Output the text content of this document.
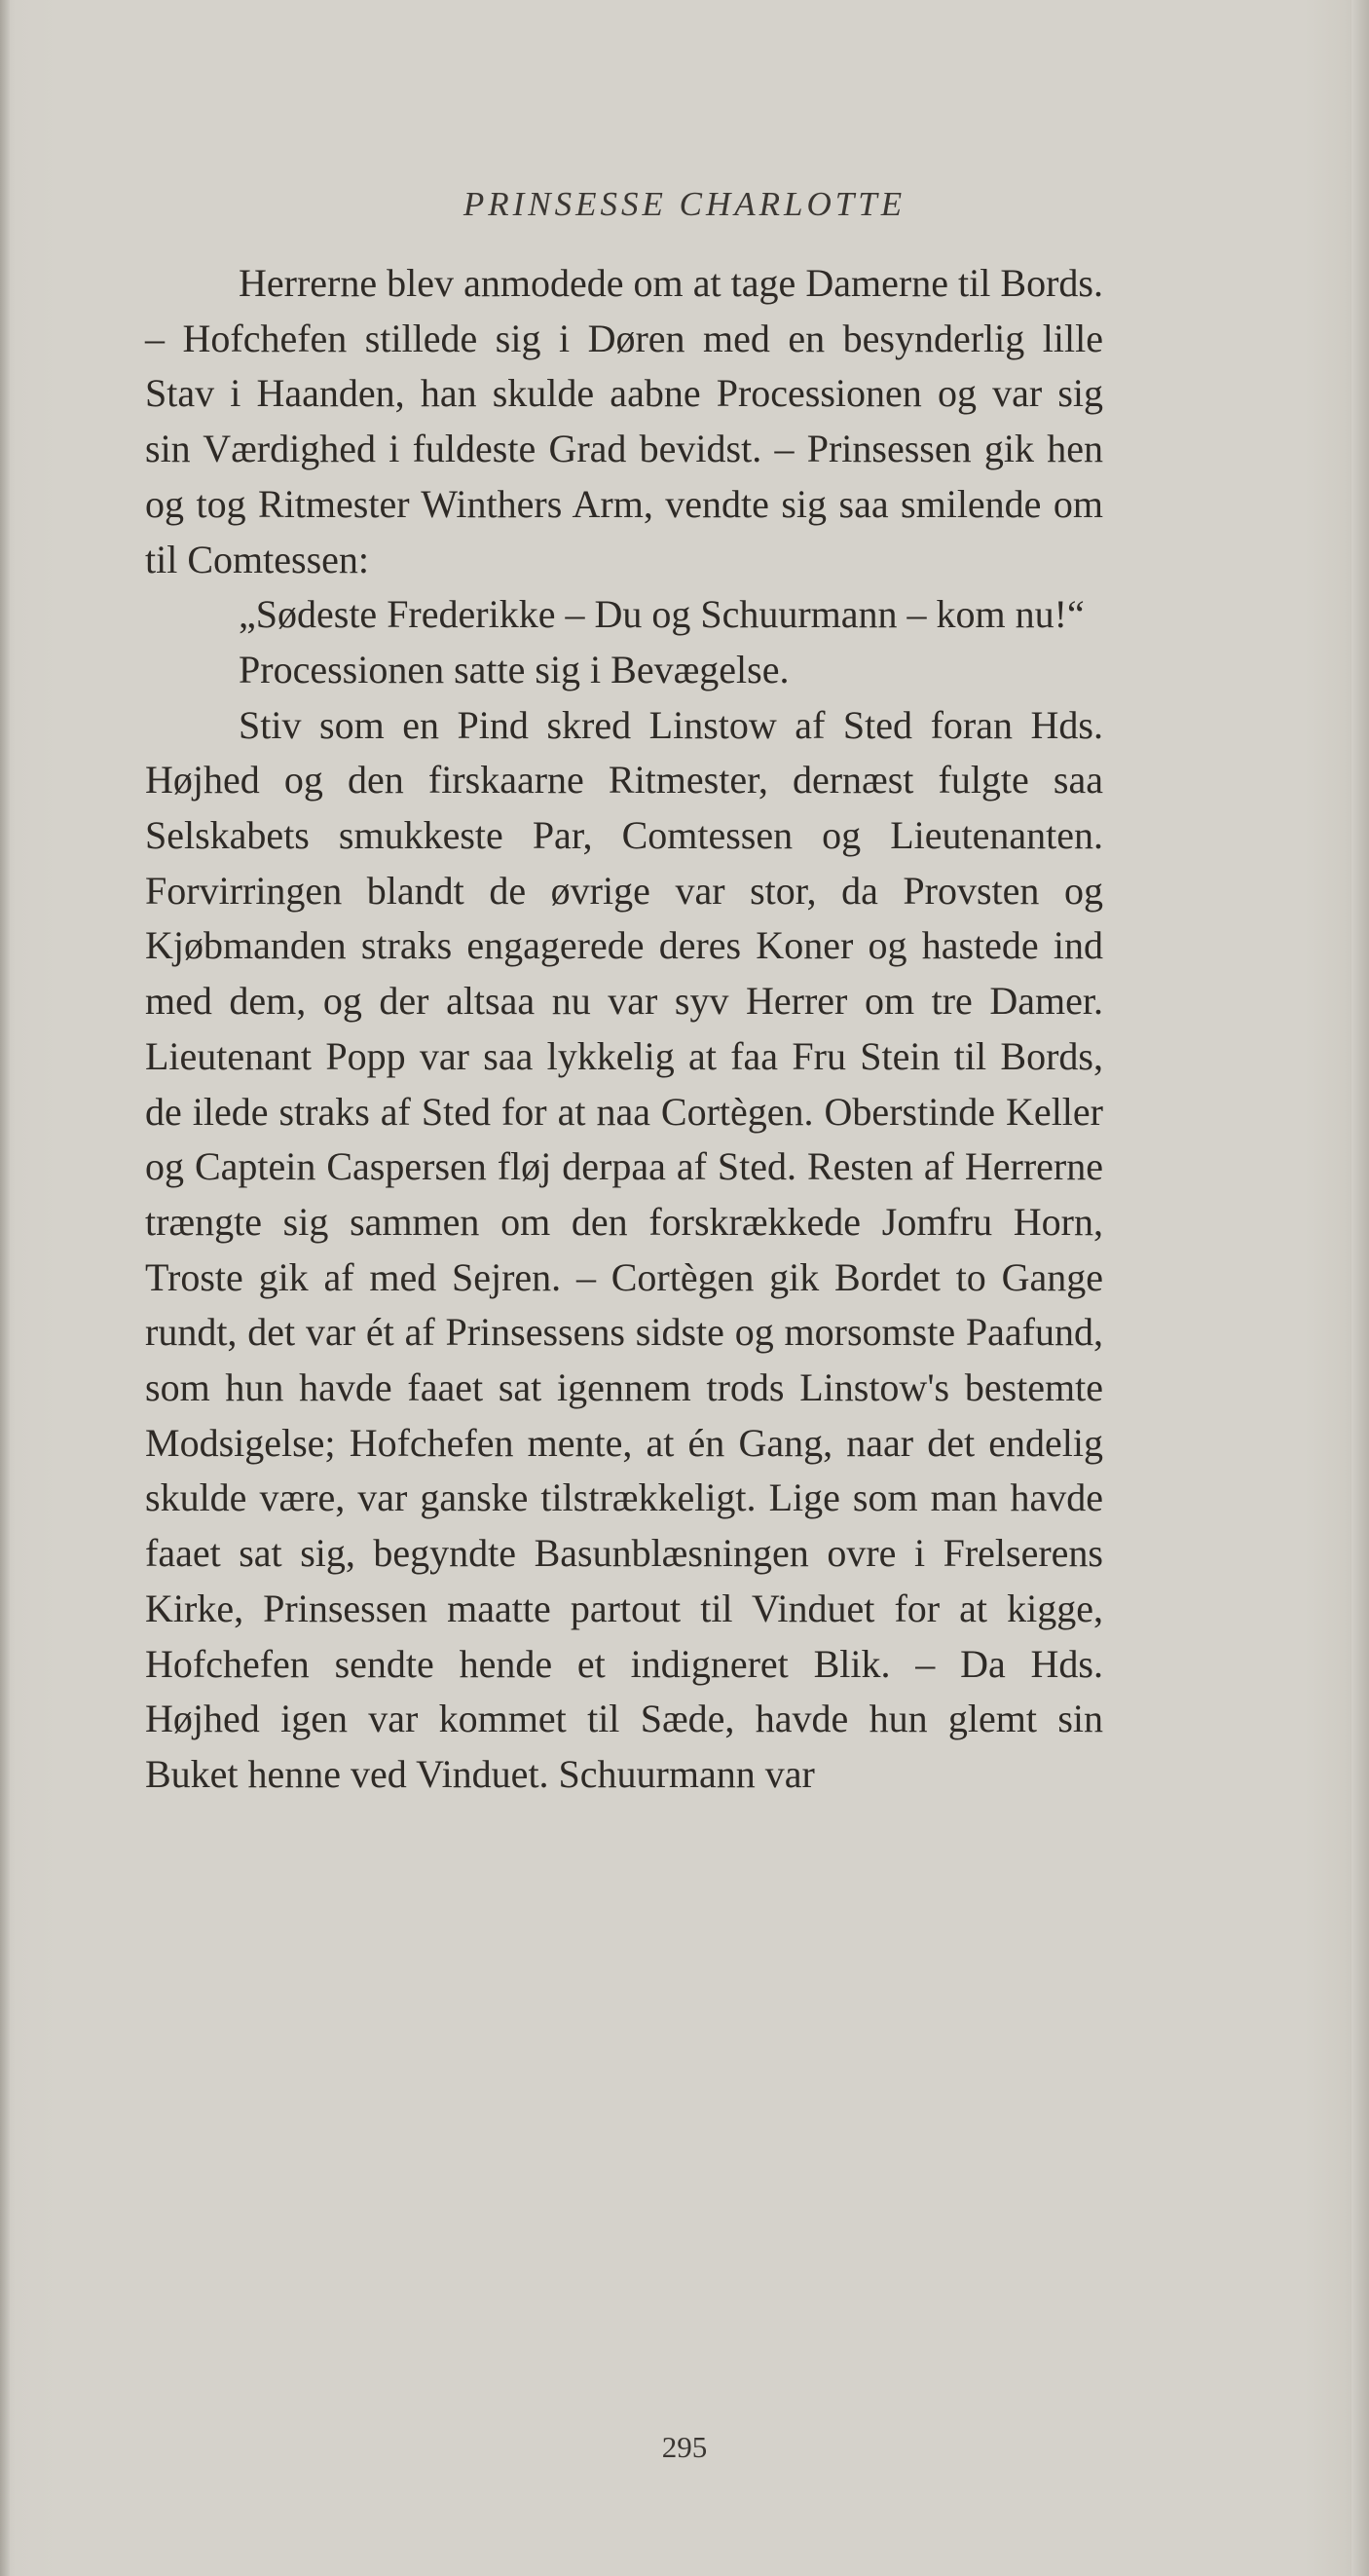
PRINSESSE CHARLOTTE

Herrerne blev anmodede om at tage Damerne til Bords. – Hofchefen stillede sig i Døren med en besynderlig lille Stav i Haanden, han skulde aabne Processionen og var sig sin Værdighed i fuldeste Grad bevidst. – Prinsessen gik hen og tog Ritmester Winthers Arm, vendte sig saa smilende om til Comtessen:

„Sødeste Frederikke – Du og Schuurmann – kom nu!“

Processionen satte sig i Bevægelse.

Stiv som en Pind skred Linstow af Sted foran Hds. Højhed og den firskaarne Ritmester, dernæst fulgte saa Selskabets smukkeste Par, Comtessen og Lieutenanten. Forvirringen blandt de øvrige var stor, da Provsten og Kjøbmanden straks engagerede deres Koner og hastede ind med dem, og der altsaa nu var syv Herrer om tre Damer. Lieutenant Popp var saa lykkelig at faa Fru Stein til Bords, de ilede straks af Sted for at naa Cortègen. Oberstinde Keller og Captein Caspersen fløj derpaa af Sted. Resten af Herrerne trængte sig sammen om den forskrækkede Jomfru Horn, Troste gik af med Sejren. – Cortègen gik Bordet to Gange rundt, det var ét af Prinsessens sidste og morsomste Paafund, som hun havde faaet sat igennem trods Linstow's bestemte Modsigelse; Hofchefen mente, at én Gang, naar det endelig skulde være, var ganske tilstrækkeligt. Lige som man havde faaet sat sig, begyndte Basunblæsningen ovre i Frelserens Kirke, Prinsessen maatte partout til Vinduet for at kigge, Hofchefen sendte hende et indigneret Blik. – Da Hds. Højhed igen var kommet til Sæde, havde hun glemt sin Buket henne ved Vinduet. Schuurmann var

295
